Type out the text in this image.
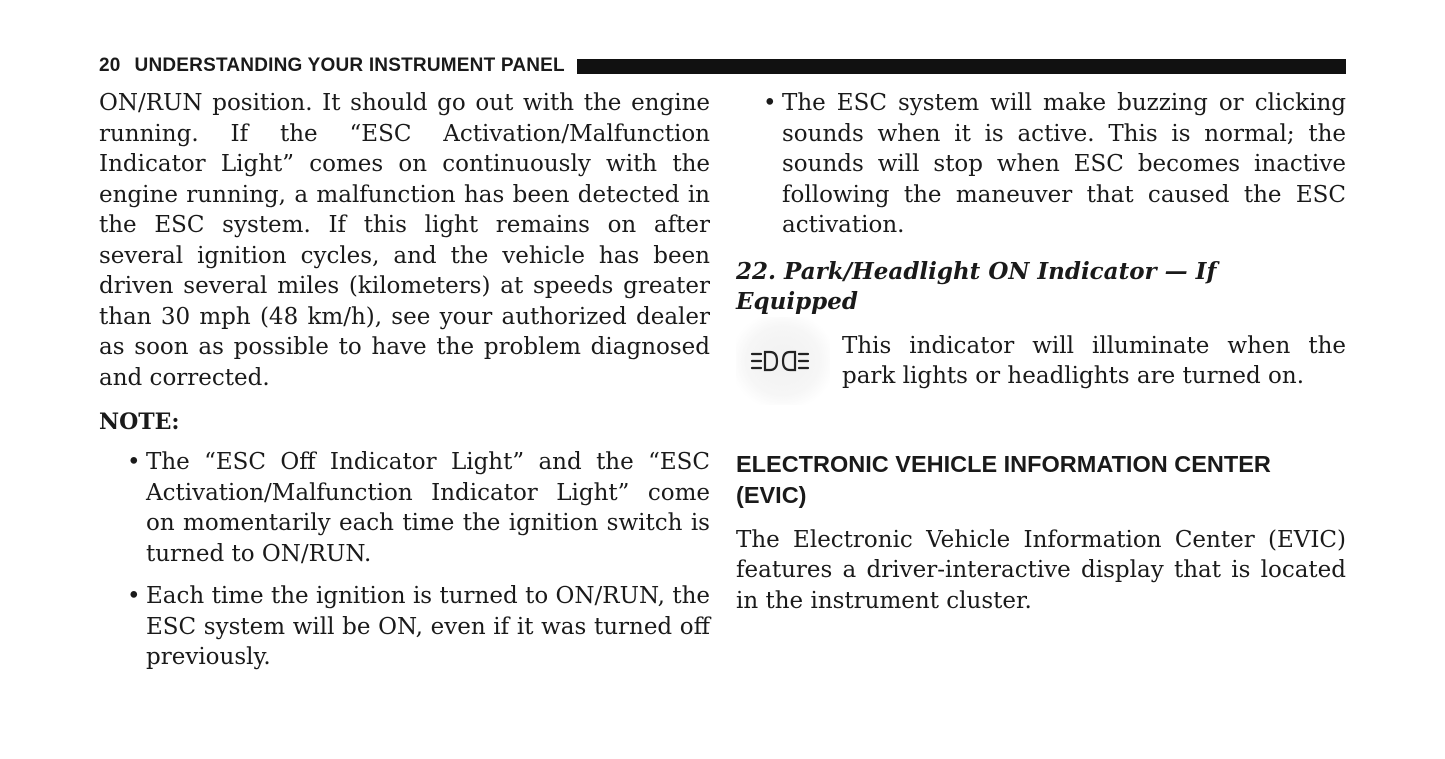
20 UNDERSTANDING YOUR INSTRUMENT PANEL

ON/RUN position. It should go out with the engine running. If the “ESC Activation/Malfunction Indicator Light” comes on continuously with the engine running, a malfunction has been detected in the ESC system. If this light remains on after several ignition cycles, and the vehicle has been driven several miles (kilometers) at speeds greater than 30 mph (48 km/h), see your authorized dealer as soon as possible to have the problem diagnosed and corrected.

NOTE:
• The “ESC Off Indicator Light” and the “ESC Activation/Malfunction Indicator Light” come on momentarily each time the ignition switch is turned to ON/RUN.
• Each time the ignition is turned to ON/RUN, the ESC system will be ON, even if it was turned off previously.
• The ESC system will make buzzing or clicking sounds when it is active. This is normal; the sounds will stop when ESC becomes inactive following the maneuver that caused the ESC activation.
22. Park/Headlight ON Indicator — If Equipped

This indicator will illuminate when the park lights or headlights are turned on.

ELECTRONIC VEHICLE INFORMATION CENTER (EVIC)

The Electronic Vehicle Information Center (EVIC) features a driver-interactive display that is located in the instrument cluster.
